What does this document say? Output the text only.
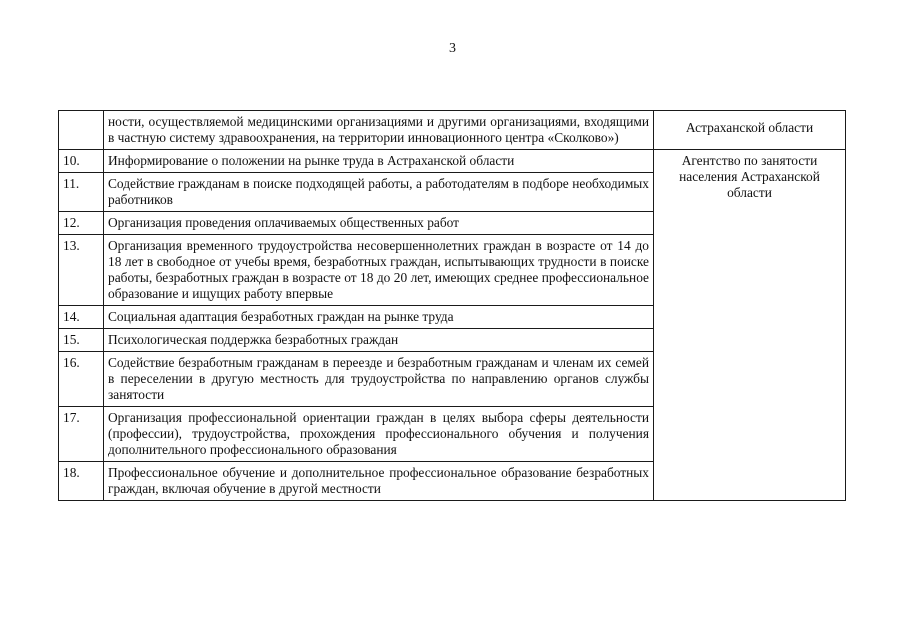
3
	ности, осуществляемой медицинскими организациями и другими организациями, входящими в частную систему здравоохранения, на территории инновационного центра «Сколково»)	Астраханской области

10.	Информирование о положении на рынке труда в Астраханской области	Агентство по занятости населения Астраханской области

11.	Содействие гражданам в поиске подходящей работы, а работодателям в подборе необходимых работников	
12.	Организация проведения оплачиваемых общественных работ	
13.	Организация временного трудоустройства несовершеннолетних граждан в возрасте от 14 до 18 лет в свободное от учебы время, безработных граждан, испытывающих трудности в поиске работы, безработных граждан в возрасте от 18 до 20 лет, имеющих среднее профессиональное образование и ищущих работу впервые	
14.	Социальная адаптация безработных граждан на рынке труда	
15.	Психологическая поддержка безработных граждан	
16.	Содействие безработным гражданам в переезде и безработным гражданам и членам их семей в переселении в другую местность для трудоустройства по направлению органов службы занятости	
17.	Организация профессиональной ориентации граждан в целях выбора сферы деятельности (профессии), трудоустройства, прохождения профессионального обучения и получения дополнительного профессионального образования	
18.	Профессиональное обучение и дополнительное профессиональное образование безработных граждан, включая обучение в другой местности	
